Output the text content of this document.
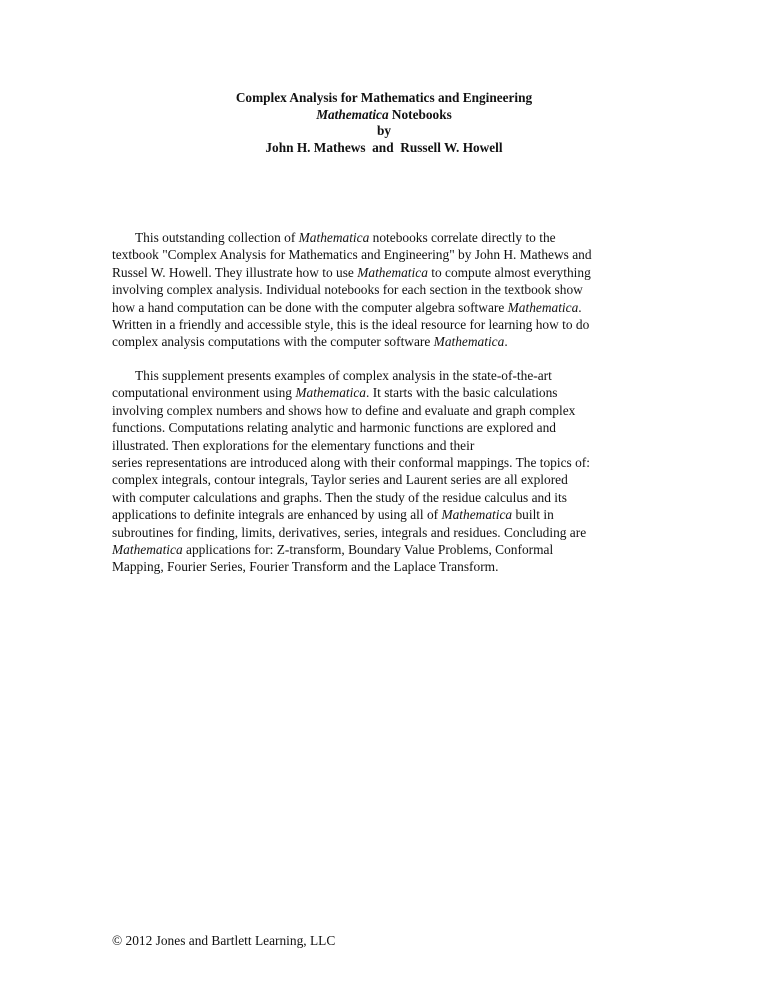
Complex Analysis for Mathematics and Engineering
Mathematica Notebooks
by
John H. Mathews  and  Russell W. Howell
This outstanding collection of Mathematica notebooks correlate directly to the
textbook "Complex Analysis for Mathematics and Engineering" by John H. Mathews and
Russel W. Howell. They illustrate how to use Mathematica to compute almost everything
involving complex analysis. Individual notebooks for each section in the textbook show
how a hand computation can be done with the computer algebra software Mathematica.
Written in a friendly and accessible style, this is the ideal resource for learning how to do
complex analysis computations with the computer software Mathematica.
This supplement presents examples of complex analysis in the state-of-the-art
computational environment using Mathematica. It starts with the basic calculations
involving complex numbers and shows how to define and evaluate and graph complex
functions. Computations relating analytic and harmonic functions are explored and
illustrated. Then explorations for the elementary functions and their
series representations are introduced along with their conformal mappings. The topics of:
complex integrals, contour integrals, Taylor series and Laurent series are all explored
with computer calculations and graphs. Then the study of the residue calculus and its
applications to definite integrals are enhanced by using all of Mathematica built in
subroutines for finding, limits, derivatives, series, integrals and residues. Concluding are
Mathematica applications for: Z-transform, Boundary Value Problems, Conformal
Mapping, Fourier Series, Fourier Transform and the Laplace Transform.
© 2012 Jones and Bartlett Learning, LLC
